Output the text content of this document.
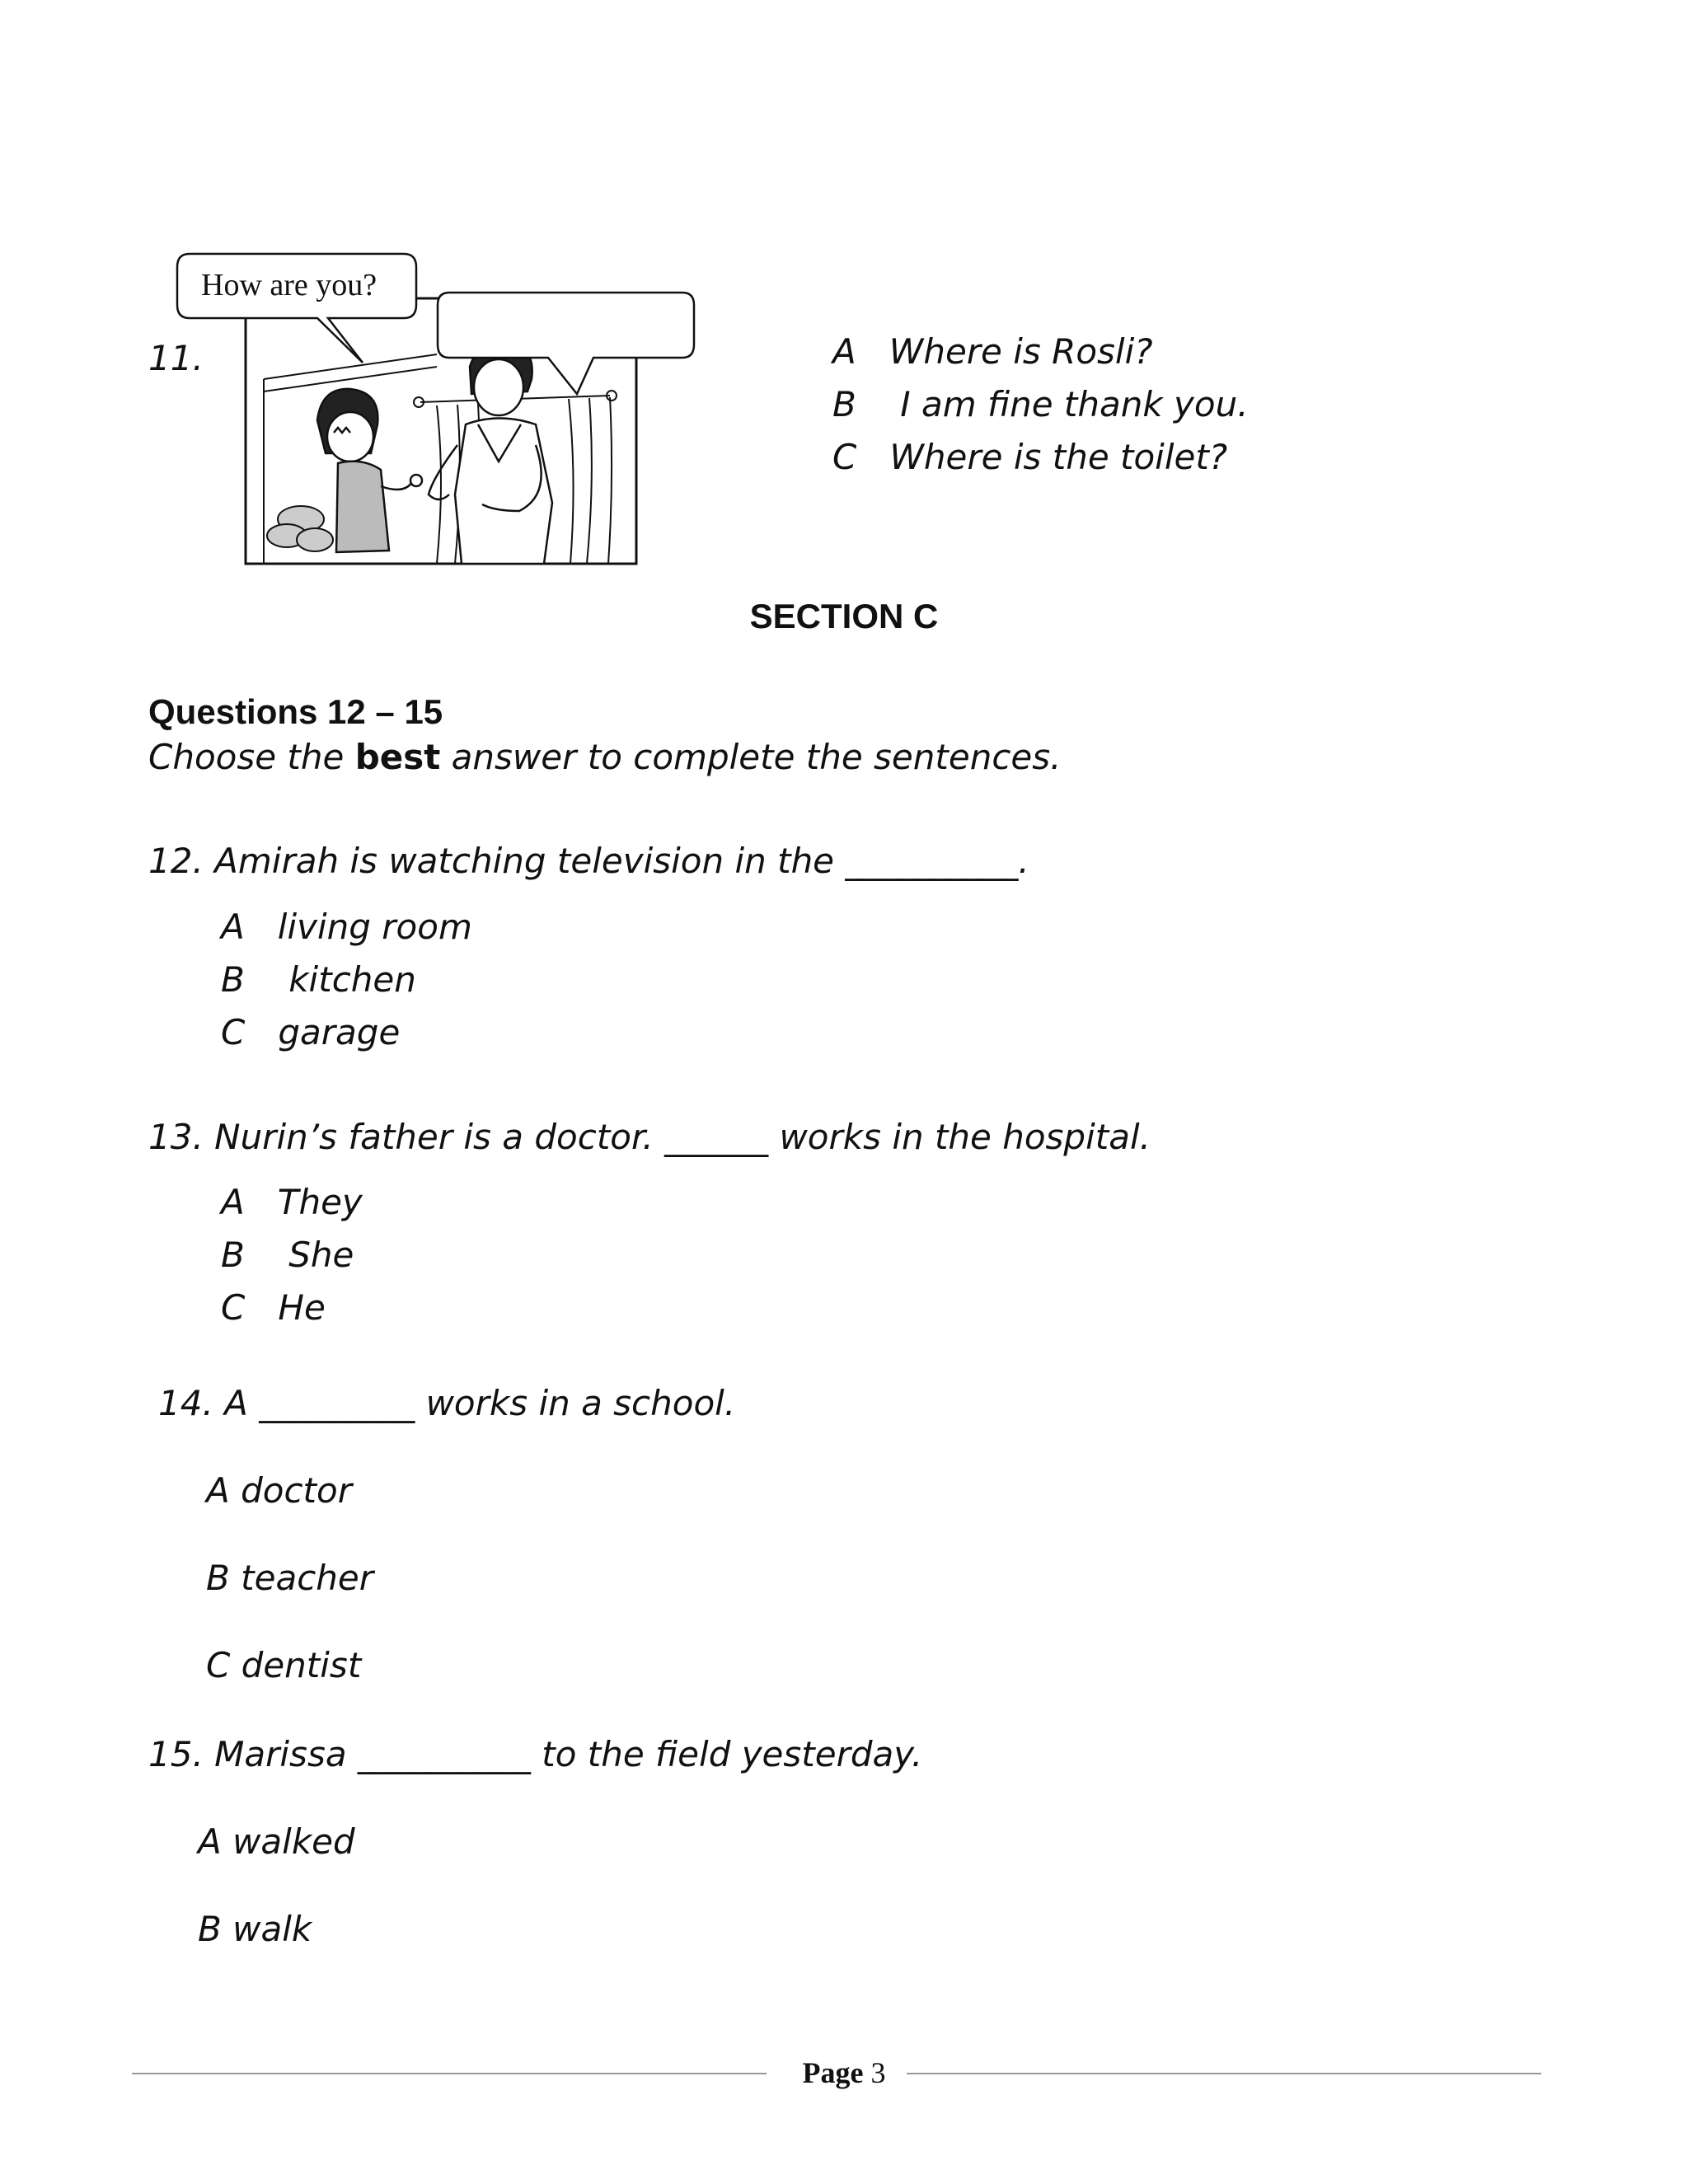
11.
How are you?
A Where is Rosli?
B I am fine thank you.
C Where is the toilet?
SECTION C
Questions 12 – 15
Choose the best answer to complete the sentences.
12. Amirah is watching television in the __________.
A living room
B kitchen
C garage
13. Nurin’s father is a doctor. ______ works in the hospital.
A They
B She
C He
14. A _________ works in a school.
A doctor
B teacher
C dentist
15. Marissa __________ to the field yesterday.
A walked
B walk
Page 3
